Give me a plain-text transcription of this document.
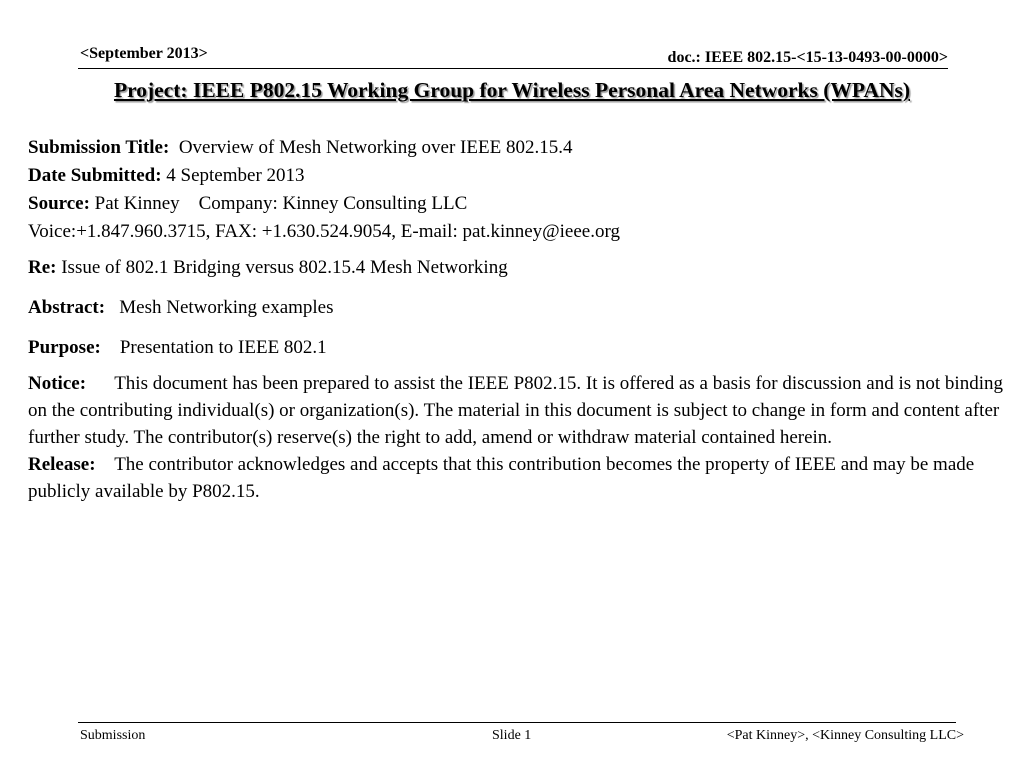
<September 2013>	doc.: IEEE 802.15-<15-13-0493-00-0000>
Project: IEEE P802.15 Working Group for Wireless Personal Area Networks (WPANs)
Submission Title: Overview of Mesh Networking over IEEE 802.15.4
Date Submitted: 4 September 2013
Source: Pat Kinney    Company: Kinney Consulting LLC
Voice:+1.847.960.3715, FAX: +1.630.524.9054, E-mail: pat.kinney@ieee.org
Re: Issue of 802.1 Bridging versus 802.15.4 Mesh Networking
Abstract: Mesh Networking examples
Purpose: Presentation to IEEE 802.1
Notice: This document has been prepared to assist the IEEE P802.15. It is offered as a basis for discussion and is not binding on the contributing individual(s) or organization(s). The material in this document is subject to change in form and content after further study. The contributor(s) reserve(s) the right to add, amend or withdraw material contained herein.
Release: The contributor acknowledges and accepts that this contribution becomes the property of IEEE and may be made publicly available by P802.15.
Submission	Slide 1	<Pat Kinney>, <Kinney Consulting LLC>
